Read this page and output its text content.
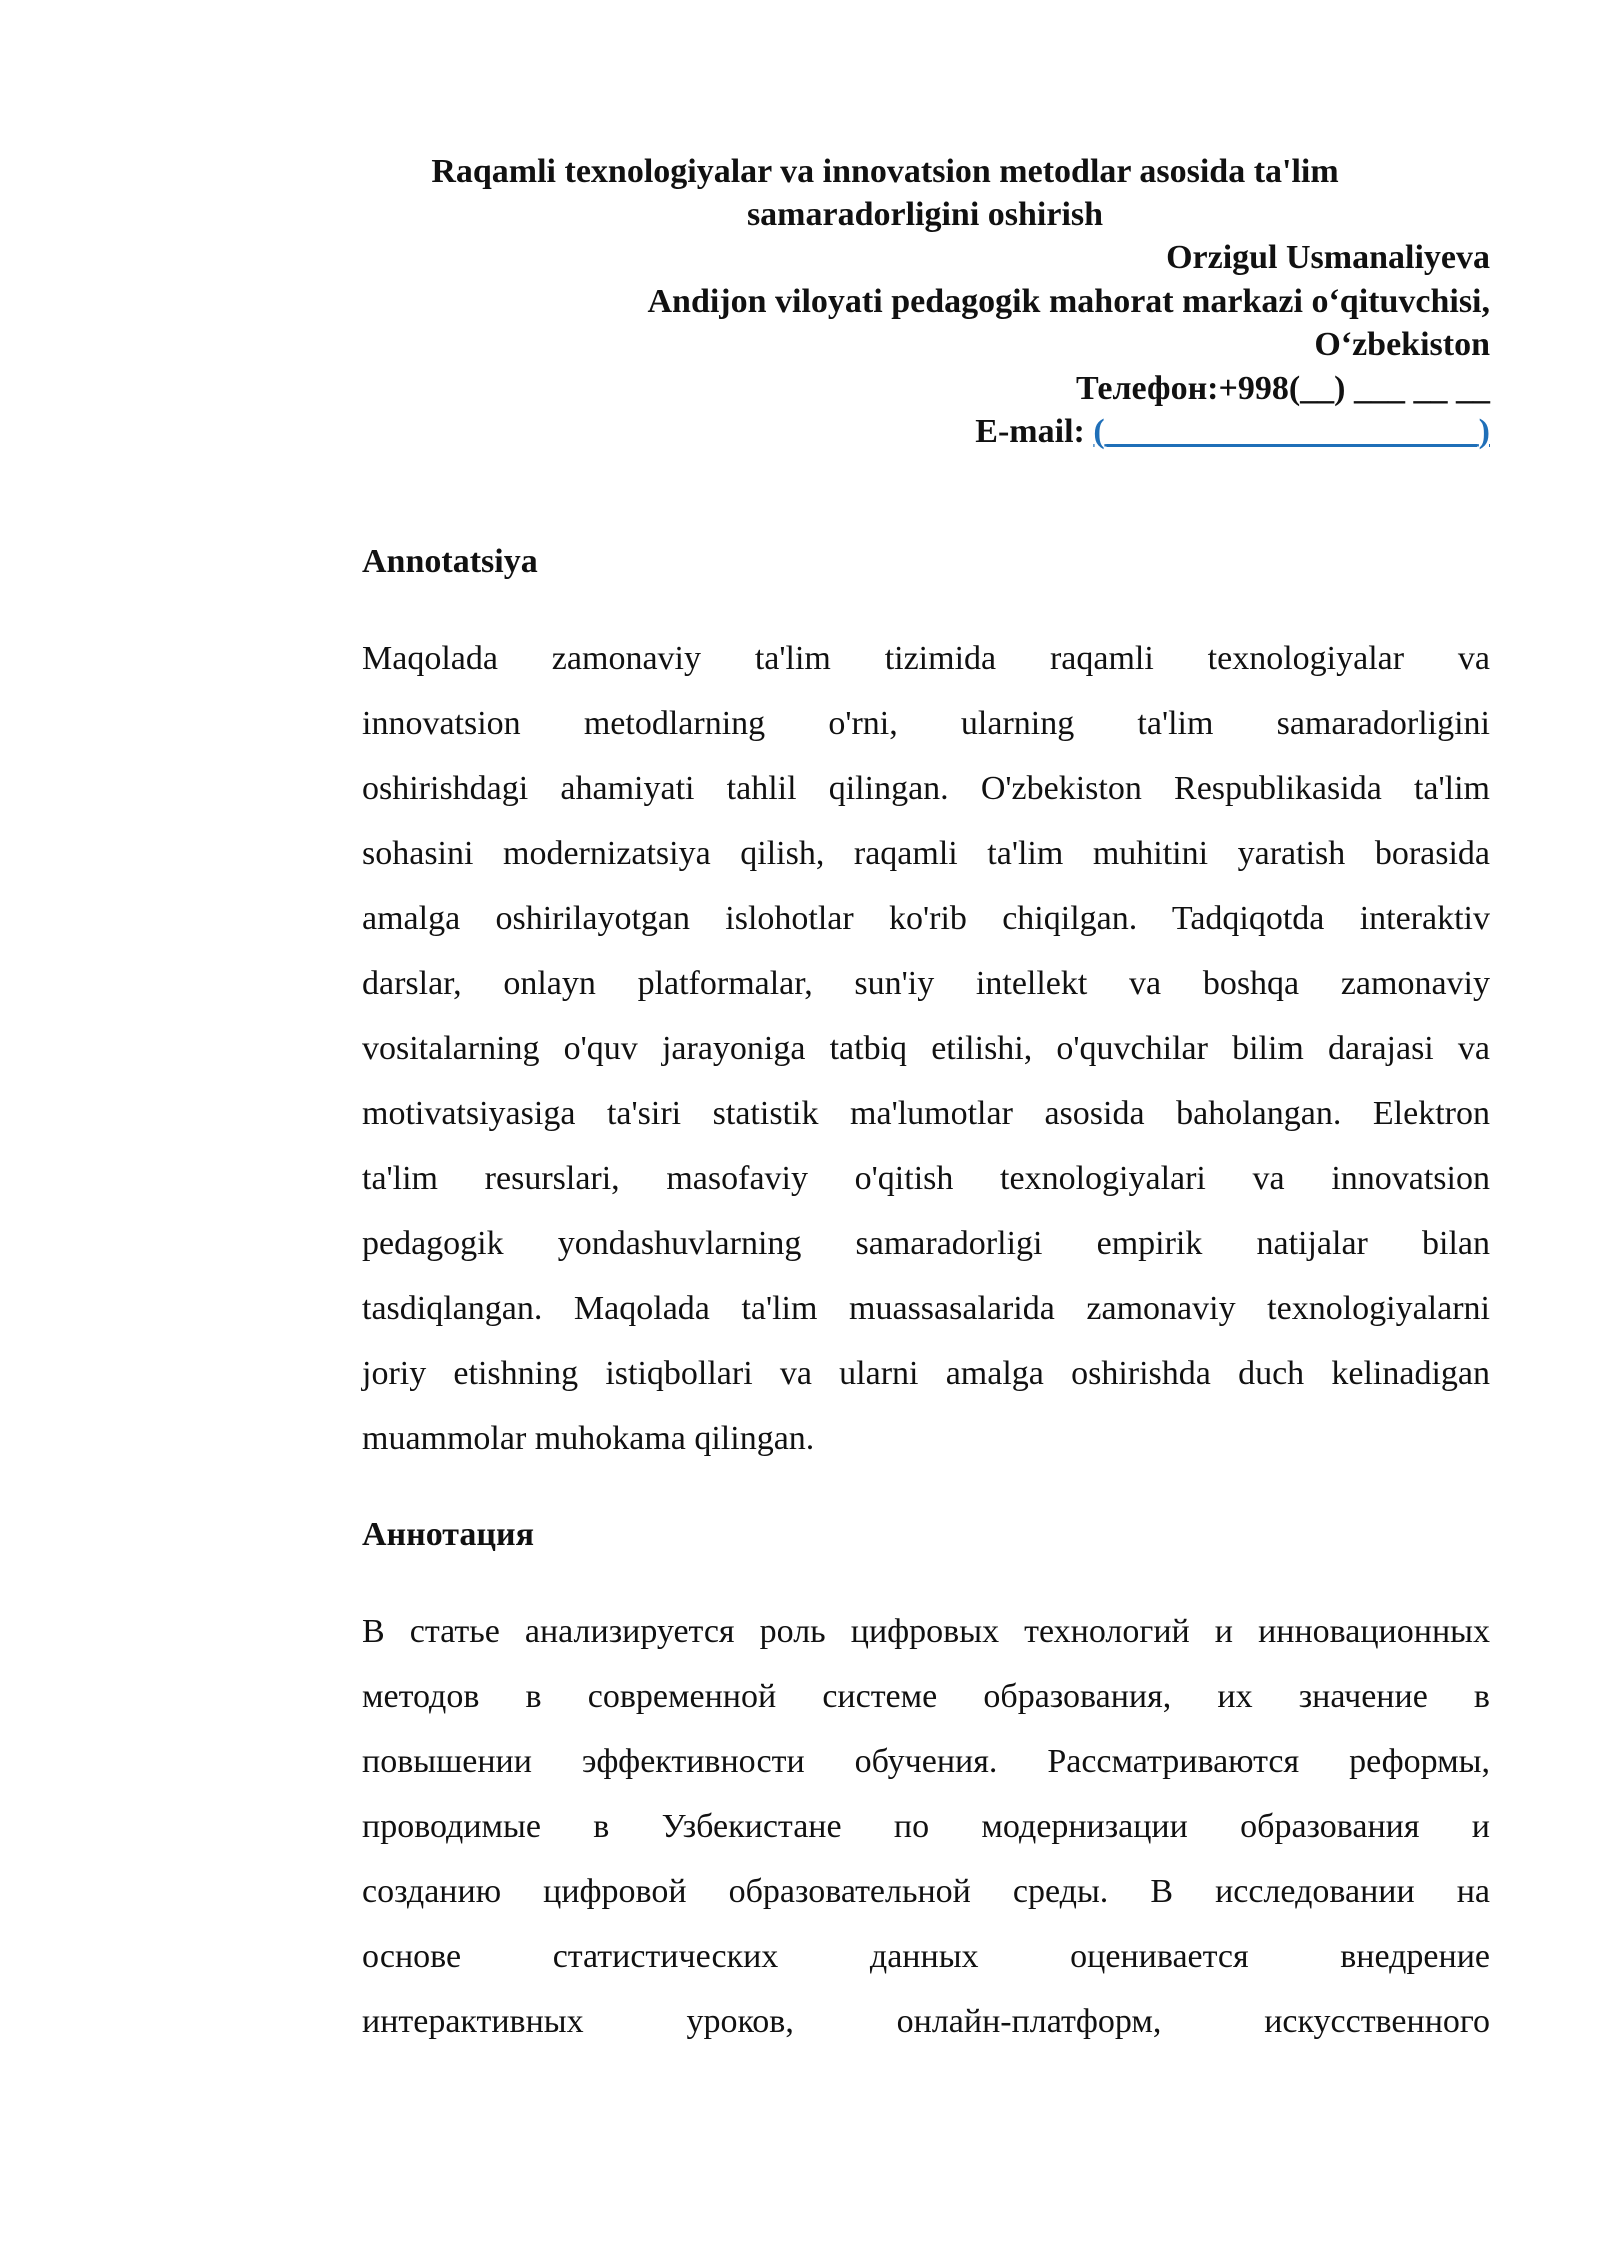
Raqamli texnologiyalar va innovatsion metodlar asosida ta'lim
samaradorligini oshirish
Orzigul Usmanaliyeva
Andijon viloyati pedagogik mahorat markazi o‘qituvchisi,
O‘zbekiston
Телефон:+998(__) ___ __ __
E-mail: (______________________)
Annotatsiya
Maqolada zamonaviy ta'lim tizimida raqamli texnologiyalar va
innovatsion metodlarning o'rni, ularning ta'lim samaradorligini
oshirishdagi ahamiyati tahlil qilingan. O'zbekiston Respublikasida ta'lim
sohasini modernizatsiya qilish, raqamli ta'lim muhitini yaratish borasida
amalga oshirilayotgan islohotlar ko'rib chiqilgan. Tadqiqotda interaktiv
darslar, onlayn platformalar, sun'iy intellekt va boshqa zamonaviy
vositalarning o'quv jarayoniga tatbiq etilishi, o'quvchilar bilim darajasi va
motivatsiyasiga ta'siri statistik ma'lumotlar asosida baholangan. Elektron
ta'lim resurslari, masofaviy o'qitish texnologiyalari va innovatsion
pedagogik yondashuvlarning samaradorligi empirik natijalar bilan
tasdiqlangan. Maqolada ta'lim muassasalarida zamonaviy texnologiyalarni
joriy etishning istiqbollari va ularni amalga oshirishda duch kelinadigan
muammolar muhokama qilingan.
Аннотация
В статье анализируется роль цифровых технологий и инновационных
методов в современной системе образования, их значение в
повышении эффективности обучения. Рассматриваются реформы,
проводимые в Узбекистане по модернизации образования и
созданию цифровой образовательной среды. В исследовании на
основе статистических данных оценивается внедрение
интерактивных уроков, онлайн-платформ, искусственного
